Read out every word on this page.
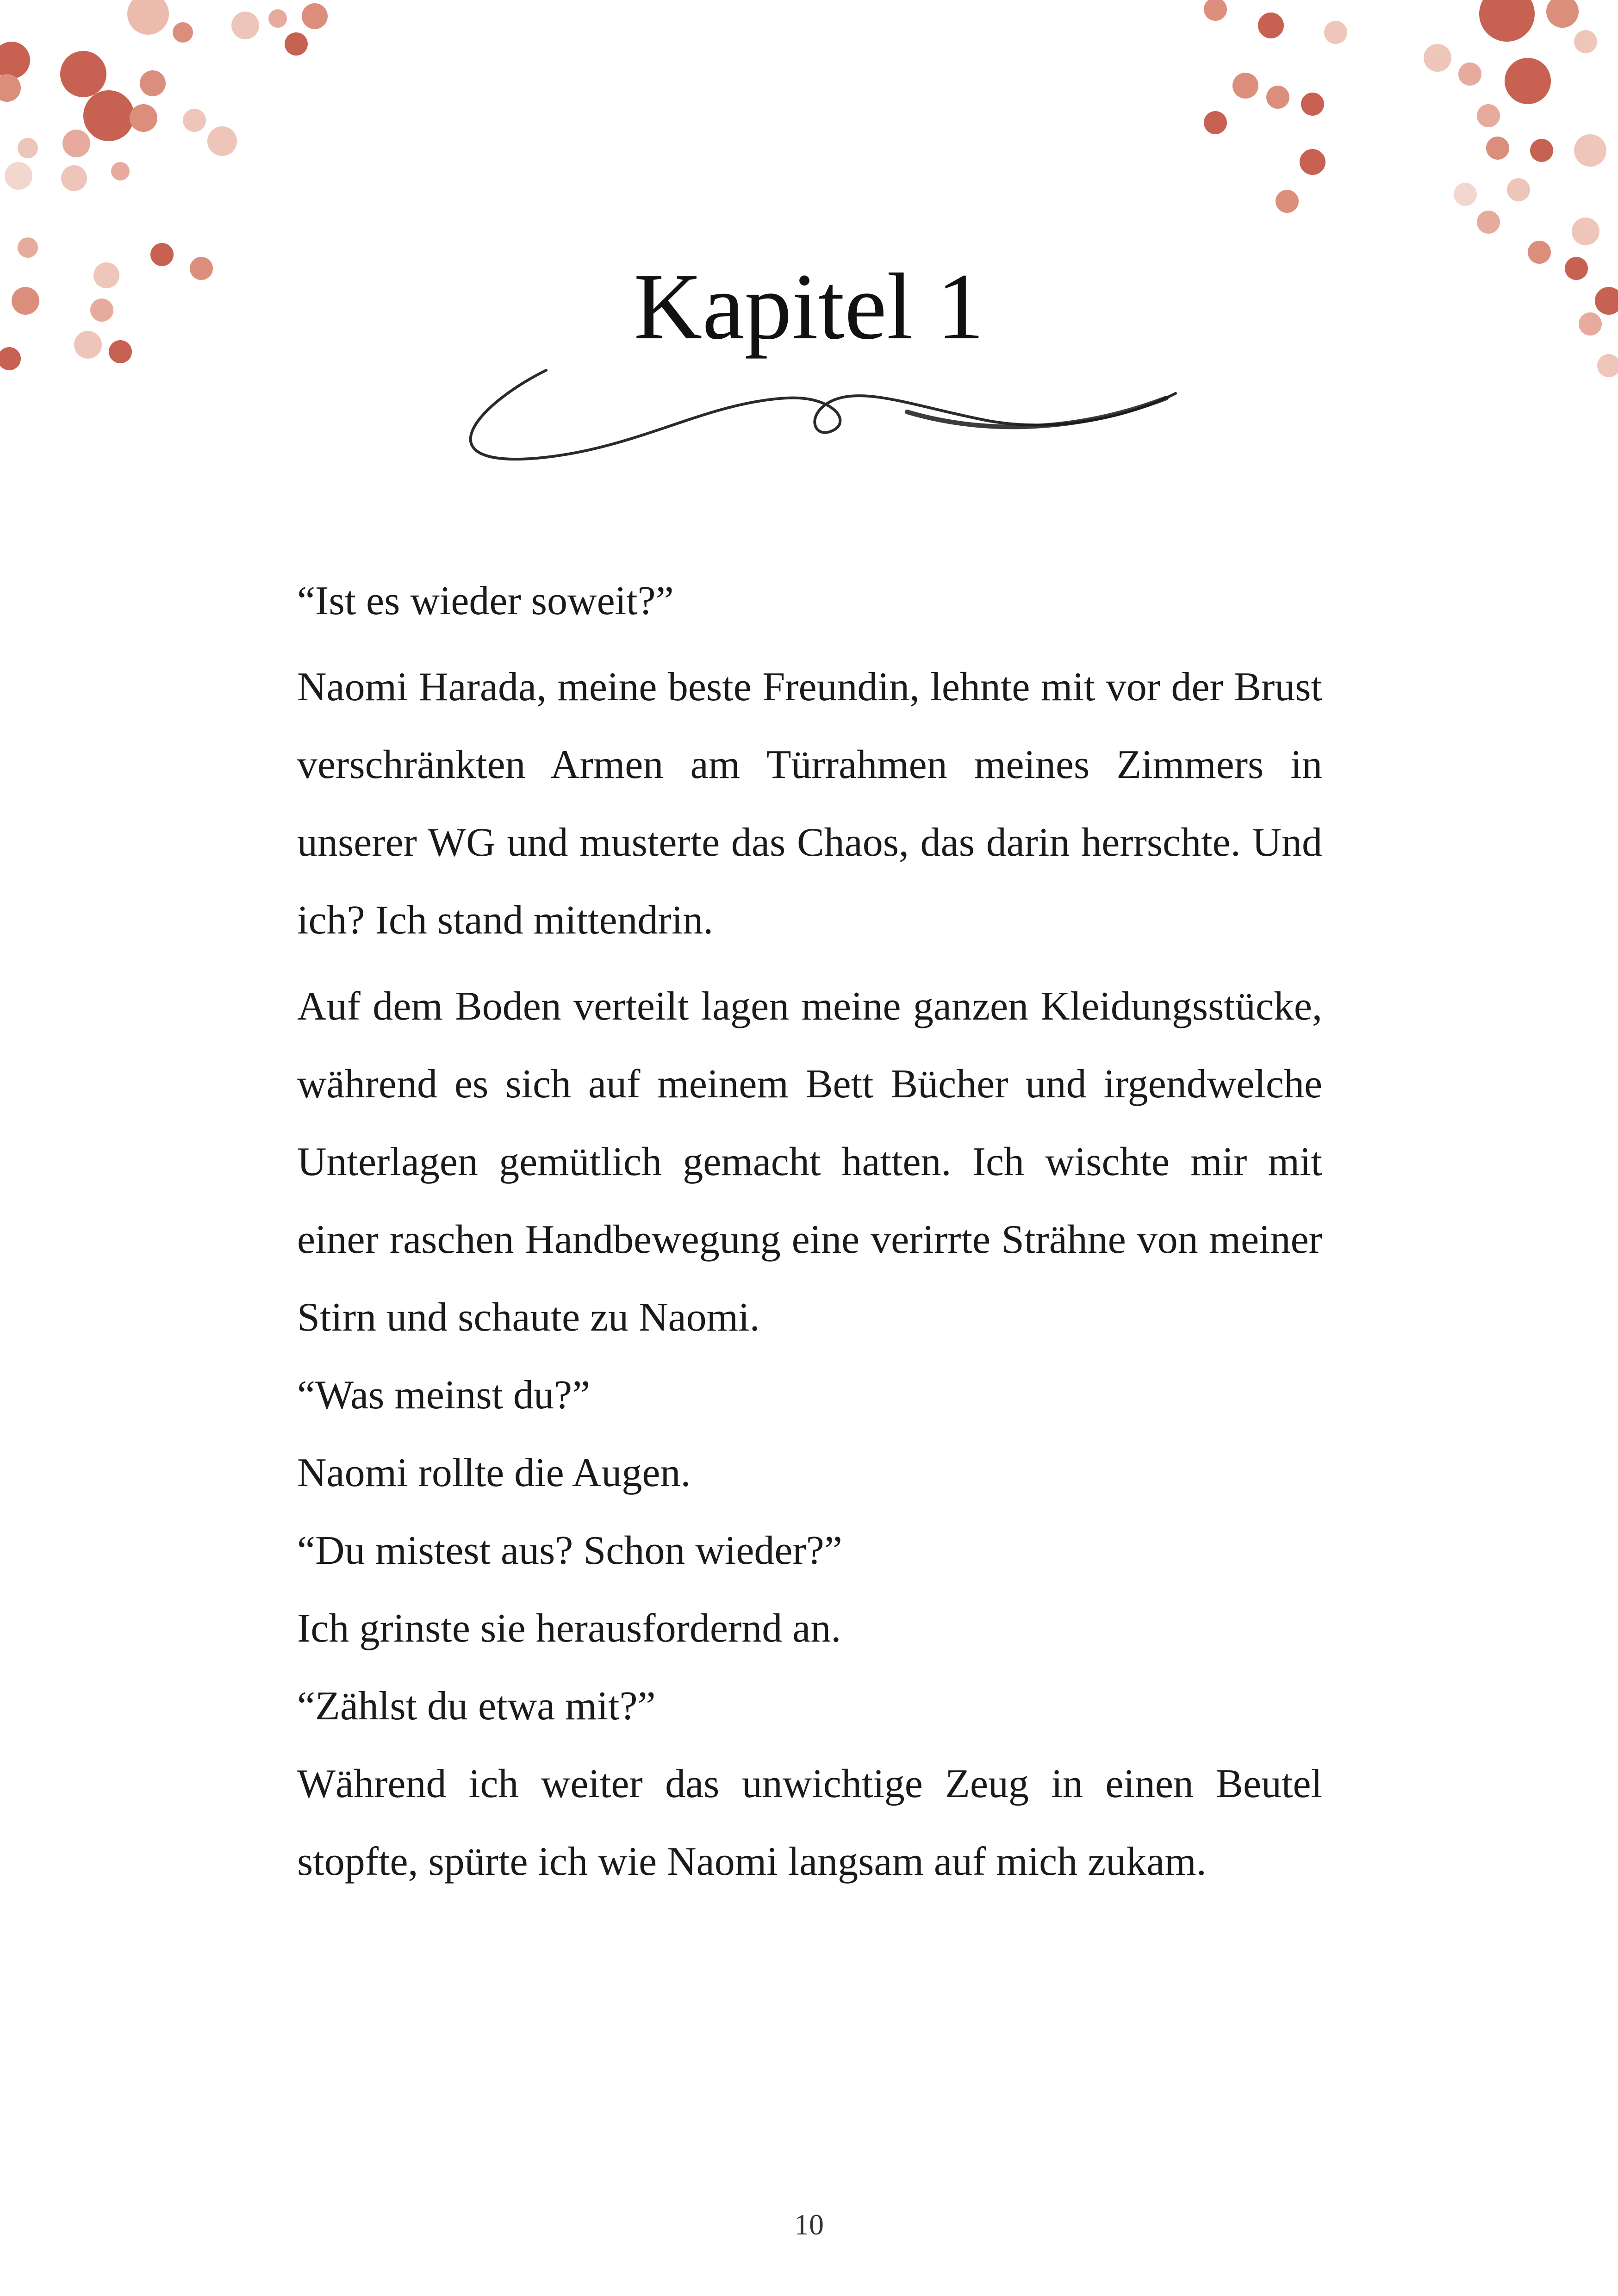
Kapitel 1

“Ist es wieder soweit?”

Naomi Harada, meine beste Freundin, lehnte mit vor der Brust verschränkten Armen am Türrahmen meines Zimmers in unserer WG und musterte das Chaos, das darin herrschte. Und ich? Ich stand mittendrin.

Auf dem Boden verteilt lagen meine ganzen Kleidungsstücke, während es sich auf meinem Bett Bücher und irgendwelche Unterlagen gemütlich gemacht hatten. Ich wischte mir mit einer raschen Handbewegung eine verirrte Strähne von meiner Stirn und schaute zu Naomi.

“Was meinst du?”

Naomi rollte die Augen.

“Du mistest aus? Schon wieder?”

Ich grinste sie herausfordernd an.

“Zählst du etwa mit?”

Während ich weiter das unwichtige Zeug in einen Beutel stopfte, spürte ich wie Naomi langsam auf mich zukam.

10
